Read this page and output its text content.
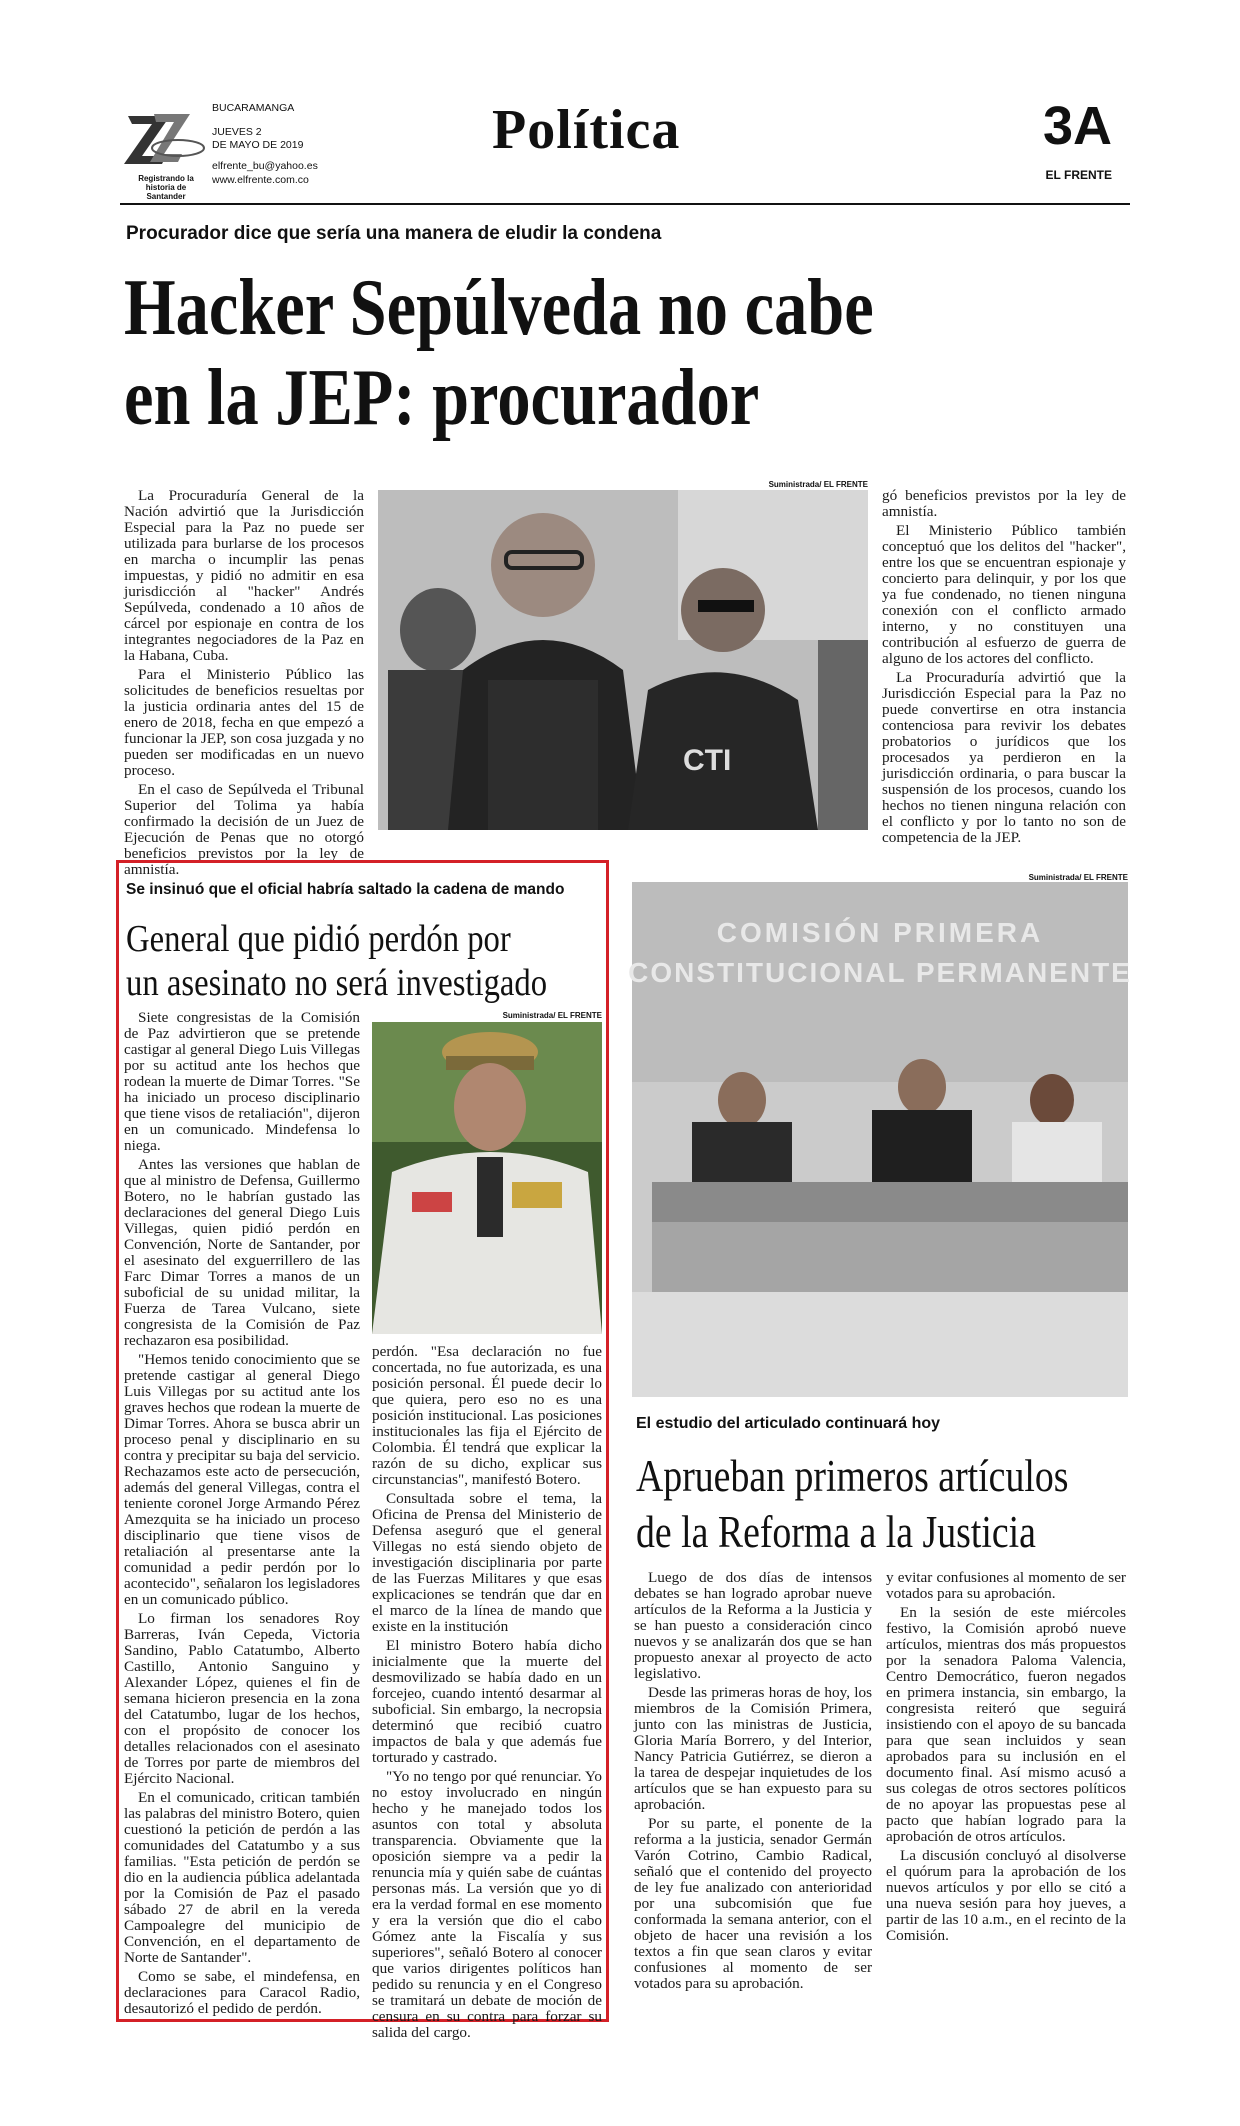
Registrando la historia de Santander
BUCARAMANGA
JUEVES 2
DE MAYO DE 2019
elfrente_bu@yahoo.es
www.elfrente.com.co
Política	3A
EL FRENTE
Procurador dice que sería una manera de eludir la condena
Hacker Sepúlveda no cabe
en la JEP: procurador

La Procuraduría General de la Nación advirtió que la Jurisdicción Especial para la Paz no puede ser utilizada para burlarse de los procesos en marcha o incumplir las penas impuestas, y pidió no admitir en esa jurisdicción al "hacker" Andrés Sepúlveda, condenado a 10 años de cárcel por espionaje en contra de los integrantes negociadores de la Paz en la Habana, Cuba.

Para el Ministerio Público las solicitudes de beneficios resueltas por la justicia ordinaria antes del 15 de enero de 2018, fecha en que empezó a funcionar la JEP, son cosa juzgada y no pueden ser modificadas en un nuevo proceso.

En el caso de Sepúlveda el Tribunal Superior del Tolima ya había confirmado la decisión de un Juez de Ejecución de Penas que no otorgó beneficios previstos por la ley de amnistía.

CTI
Suministrada/ EL FRENTE

gó beneficios previstos por la ley de amnistía.

El Ministerio Público también conceptuó que los delitos del "hacker", entre los que se encuentran espionaje y concierto para delinquir, y por los que ya fue condenado, no tienen ninguna conexión con el conflicto armado interno, y no constituyen una contribución al esfuerzo de guerra de alguno de los actores del conflicto.

La Procuraduría advirtió que la Jurisdicción Especial para la Paz no puede convertirse en otra instancia contenciosa para revivir los debates probatorios o jurídicos que los procesados ya perdieron en la jurisdicción ordinaria, o para buscar la suspensión de los procesos, cuando los hechos no tienen ninguna relación con el conflicto y por lo tanto no son de competencia de la JEP.

Se insinuó que el oficial habría saltado la cadena de mando
General que pidió perdón por
un asesinato no será investigado

Siete congresistas de la Comisión de Paz advirtieron que se pretende castigar al general Diego Luis Villegas por su actitud ante los hechos que rodean la muerte de Dimar Torres. "Se ha iniciado un proceso disciplinario que tiene visos de retaliación", dijeron en un comunicado. Mindefensa lo niega.

Antes las versiones que hablan de que al ministro de Defensa, Guillermo Botero, no le habrían gustado las declaraciones del general Diego Luis Villegas, quien pidió perdón en Convención, Norte de Santander, por el asesinato del exguerrillero de las Farc Dimar Torres a manos de un suboficial de su unidad militar, la Fuerza de Tarea Vulcano, siete congresista de la Comisión de Paz rechazaron esa posibilidad.

"Hemos tenido conocimiento que se pretende castigar al general Diego Luis Villegas por su actitud ante los graves hechos que rodean la muerte de Dimar Torres. Ahora se busca abrir un proceso penal y disciplinario en su contra y precipitar su baja del servicio. Rechazamos este acto de persecución, además del general Villegas, contra el teniente coronel Jorge Armando Pérez Amezquita se ha iniciado un proceso disciplinario que tiene visos de retaliación al presentarse ante la comunidad a pedir perdón por lo acontecido", señalaron los legisladores en un comunicado público.

Lo firman los senadores Roy Barreras, Iván Cepeda, Victoria Sandino, Pablo Catatumbo, Alberto Castillo, Antonio Sanguino y Alexander López, quienes el fin de semana hicieron presencia en la zona del Catatumbo, lugar de los hechos, con el propósito de conocer los detalles relacionados con el asesinato de Torres por parte de miembros del Ejército Nacional.

En el comunicado, critican también las palabras del ministro Botero, quien cuestionó la petición de perdón a las comunidades del Catatumbo y a sus familias. "Esta petición de perdón se dio en la audiencia pública adelantada por la Comisión de Paz el pasado sábado 27 de abril en la vereda Campoalegre del municipio de Convención, en el departamento de Norte de Santander".

Como se sabe, el mindefensa, en declaraciones para Caracol Radio, desautorizó el pedido de perdón.

Suministrada/ EL FRENTE

perdón. "Esa declaración no fue concertada, no fue autorizada, es una posición personal. Él puede decir lo que quiera, pero eso no es una posición institucional. Las posiciones institucionales las fija el Ejército de Colombia. Él tendrá que explicar la razón de su dicho, explicar sus circunstancias", manifestó Botero.

Consultada sobre el tema, la Oficina de Prensa del Ministerio de Defensa aseguró que el general Villegas no está siendo objeto de investigación disciplinaria por parte de las Fuerzas Militares y que esas explicaciones se tendrán que dar en el marco de la línea de mando que existe en la institución

El ministro Botero había dicho inicialmente que la muerte del desmovilizado se había dado en un forcejeo, cuando intentó desarmar al suboficial. Sin embargo, la necropsia determinó que recibió cuatro impactos de bala y que además fue torturado y castrado.

"Yo no tengo por qué renunciar. Yo no estoy involucrado en ningún hecho y he manejado todos los asuntos con total y absoluta transparencia. Obviamente que la oposición siempre va a pedir la renuncia mía y quién sabe de cuántas personas más. La versión que yo di era la verdad formal en ese momento y era la versión que dio el cabo Gómez ante la Fiscalía y sus superiores", señaló Botero al conocer que varios dirigentes políticos han pedido su renuncia y en el Congreso se tramitará un debate de moción de censura en su contra para forzar su salida del cargo.

Suministrada/ EL FRENTE
COMISIÓN PRIMERA
CONSTITUCIONAL PERMANENTE
El estudio del articulado continuará hoy
Aprueban primeros artículos
de la Reforma a la Justicia

Luego de dos días de intensos debates se han logrado aprobar nueve artículos de la Reforma a la Justicia y se han puesto a consideración cinco nuevos y se analizarán dos que se han propuesto anexar al proyecto de acto legislativo.

Desde las primeras horas de hoy, los miembros de la Comisión Primera, junto con las ministras de Justicia, Gloria María Borrero, y del Interior, Nancy Patricia Gutiérrez, se dieron a la tarea de despejar inquietudes de los artículos que se han expuesto para su aprobación.

Por su parte, el ponente de la reforma a la justicia, senador Germán Varón Cotrino, Cambio Radical, señaló que el contenido del proyecto de ley fue analizado con anterioridad por una subcomisión que fue conformada la semana anterior, con el objeto de hacer una revisión a los textos a fin que sean claros y evitar confusiones al momento de ser votados para su aprobación.

y evitar confusiones al momento de ser votados para su aprobación.

En la sesión de este miércoles festivo, la Comisión aprobó nueve artículos, mientras dos más propuestos por la senadora Paloma Valencia, Centro Democrático, fueron negados en primera instancia, sin embargo, la congresista reiteró que seguirá insistiendo con el apoyo de su bancada para que sean incluidos y sean aprobados para su inclusión en el documento final. Así mismo acusó a sus colegas de otros sectores políticos de no apoyar las propuestas pese al pacto que habían logrado para la aprobación de otros artículos.

La discusión concluyó al disolverse el quórum para la aprobación de los nuevos artículos y por ello se citó a una nueva sesión para hoy jueves, a partir de las 10 a.m., en el recinto de la Comisión.
